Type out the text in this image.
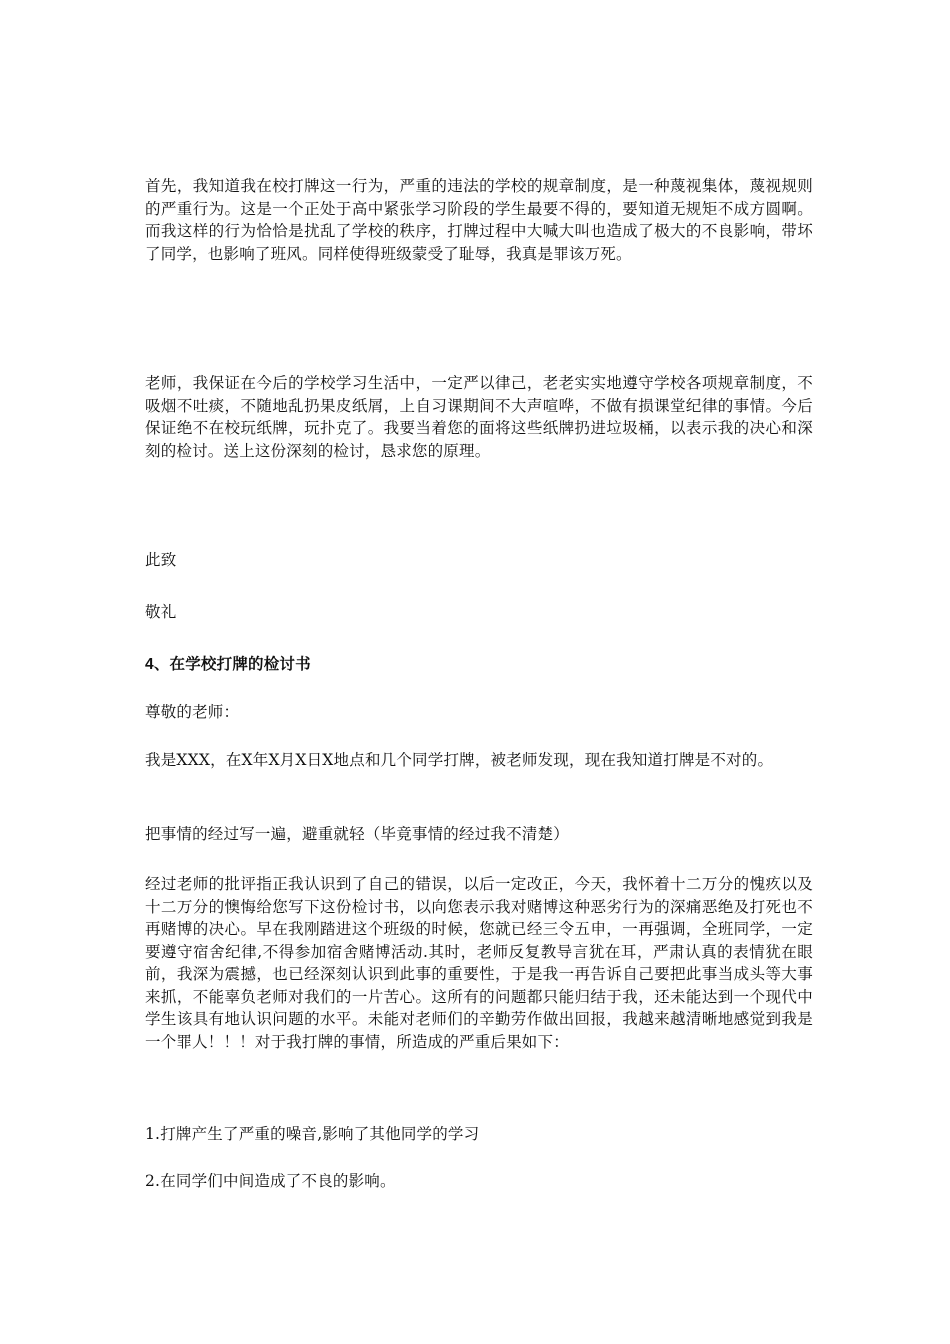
首先，我知道我在校打牌这一行为，严重的违法的学校的规章制度，是一种蔑视集体，蔑视规则的严重行为。这是一个正处于高中紧张学习阶段的学生最要不得的，要知道无规矩不成方圆啊。而我这样的行为恰恰是扰乱了学校的秩序，打牌过程中大喊大叫也造成了极大的不良影响，带坏了同学，也影响了班风。同样使得班级蒙受了耻辱，我真是罪该万死。

老师，我保证在今后的学校学习生活中，一定严以律己，老老实实地遵守学校各项规章制度，不吸烟不吐痰，不随地乱扔果皮纸屑，上自习课期间不大声喧哗，不做有损课堂纪律的事情。今后保证绝不在校玩纸牌，玩扑克了。我要当着您的面将这些纸牌扔进垃圾桶，以表示我的决心和深刻的检讨。送上这份深刻的检讨，恳求您的原理。

此致

敬礼

4、在学校打牌的检讨书

尊敬的老师：

我是XXX，在X年X月X日X地点和几个同学打牌，被老师发现，现在我知道打牌是不对的。

把事情的经过写一遍，避重就轻（毕竟事情的经过我不清楚）

经过老师的批评指正我认识到了自己的错误，以后一定改正，今天，我怀着十二万分的愧疚以及十二万分的懊悔给您写下这份检讨书，以向您表示我对赌博这种恶劣行为的深痛恶绝及打死也不再赌博的决心。早在我刚踏进这个班级的时候，您就已经三令五申，一再强调，全班同学，一定要遵守宿舍纪律,不得参加宿舍赌博活动.其时，老师反复教导言犹在耳，严肃认真的表情犹在眼前，我深为震撼，也已经深刻认识到此事的重要性，于是我一再告诉自己要把此事当成头等大事来抓，不能辜负老师对我们的一片苦心。这所有的问题都只能归结于我，还未能达到一个现代中学生该具有地认识问题的水平。未能对老师们的辛勤劳作做出回报，我越来越清晰地感觉到我是一个罪人！！！对于我打牌的事情，所造成的严重后果如下：

1.打牌产生了严重的噪音,影响了其他同学的学习

2.在同学们中间造成了不良的影响。
